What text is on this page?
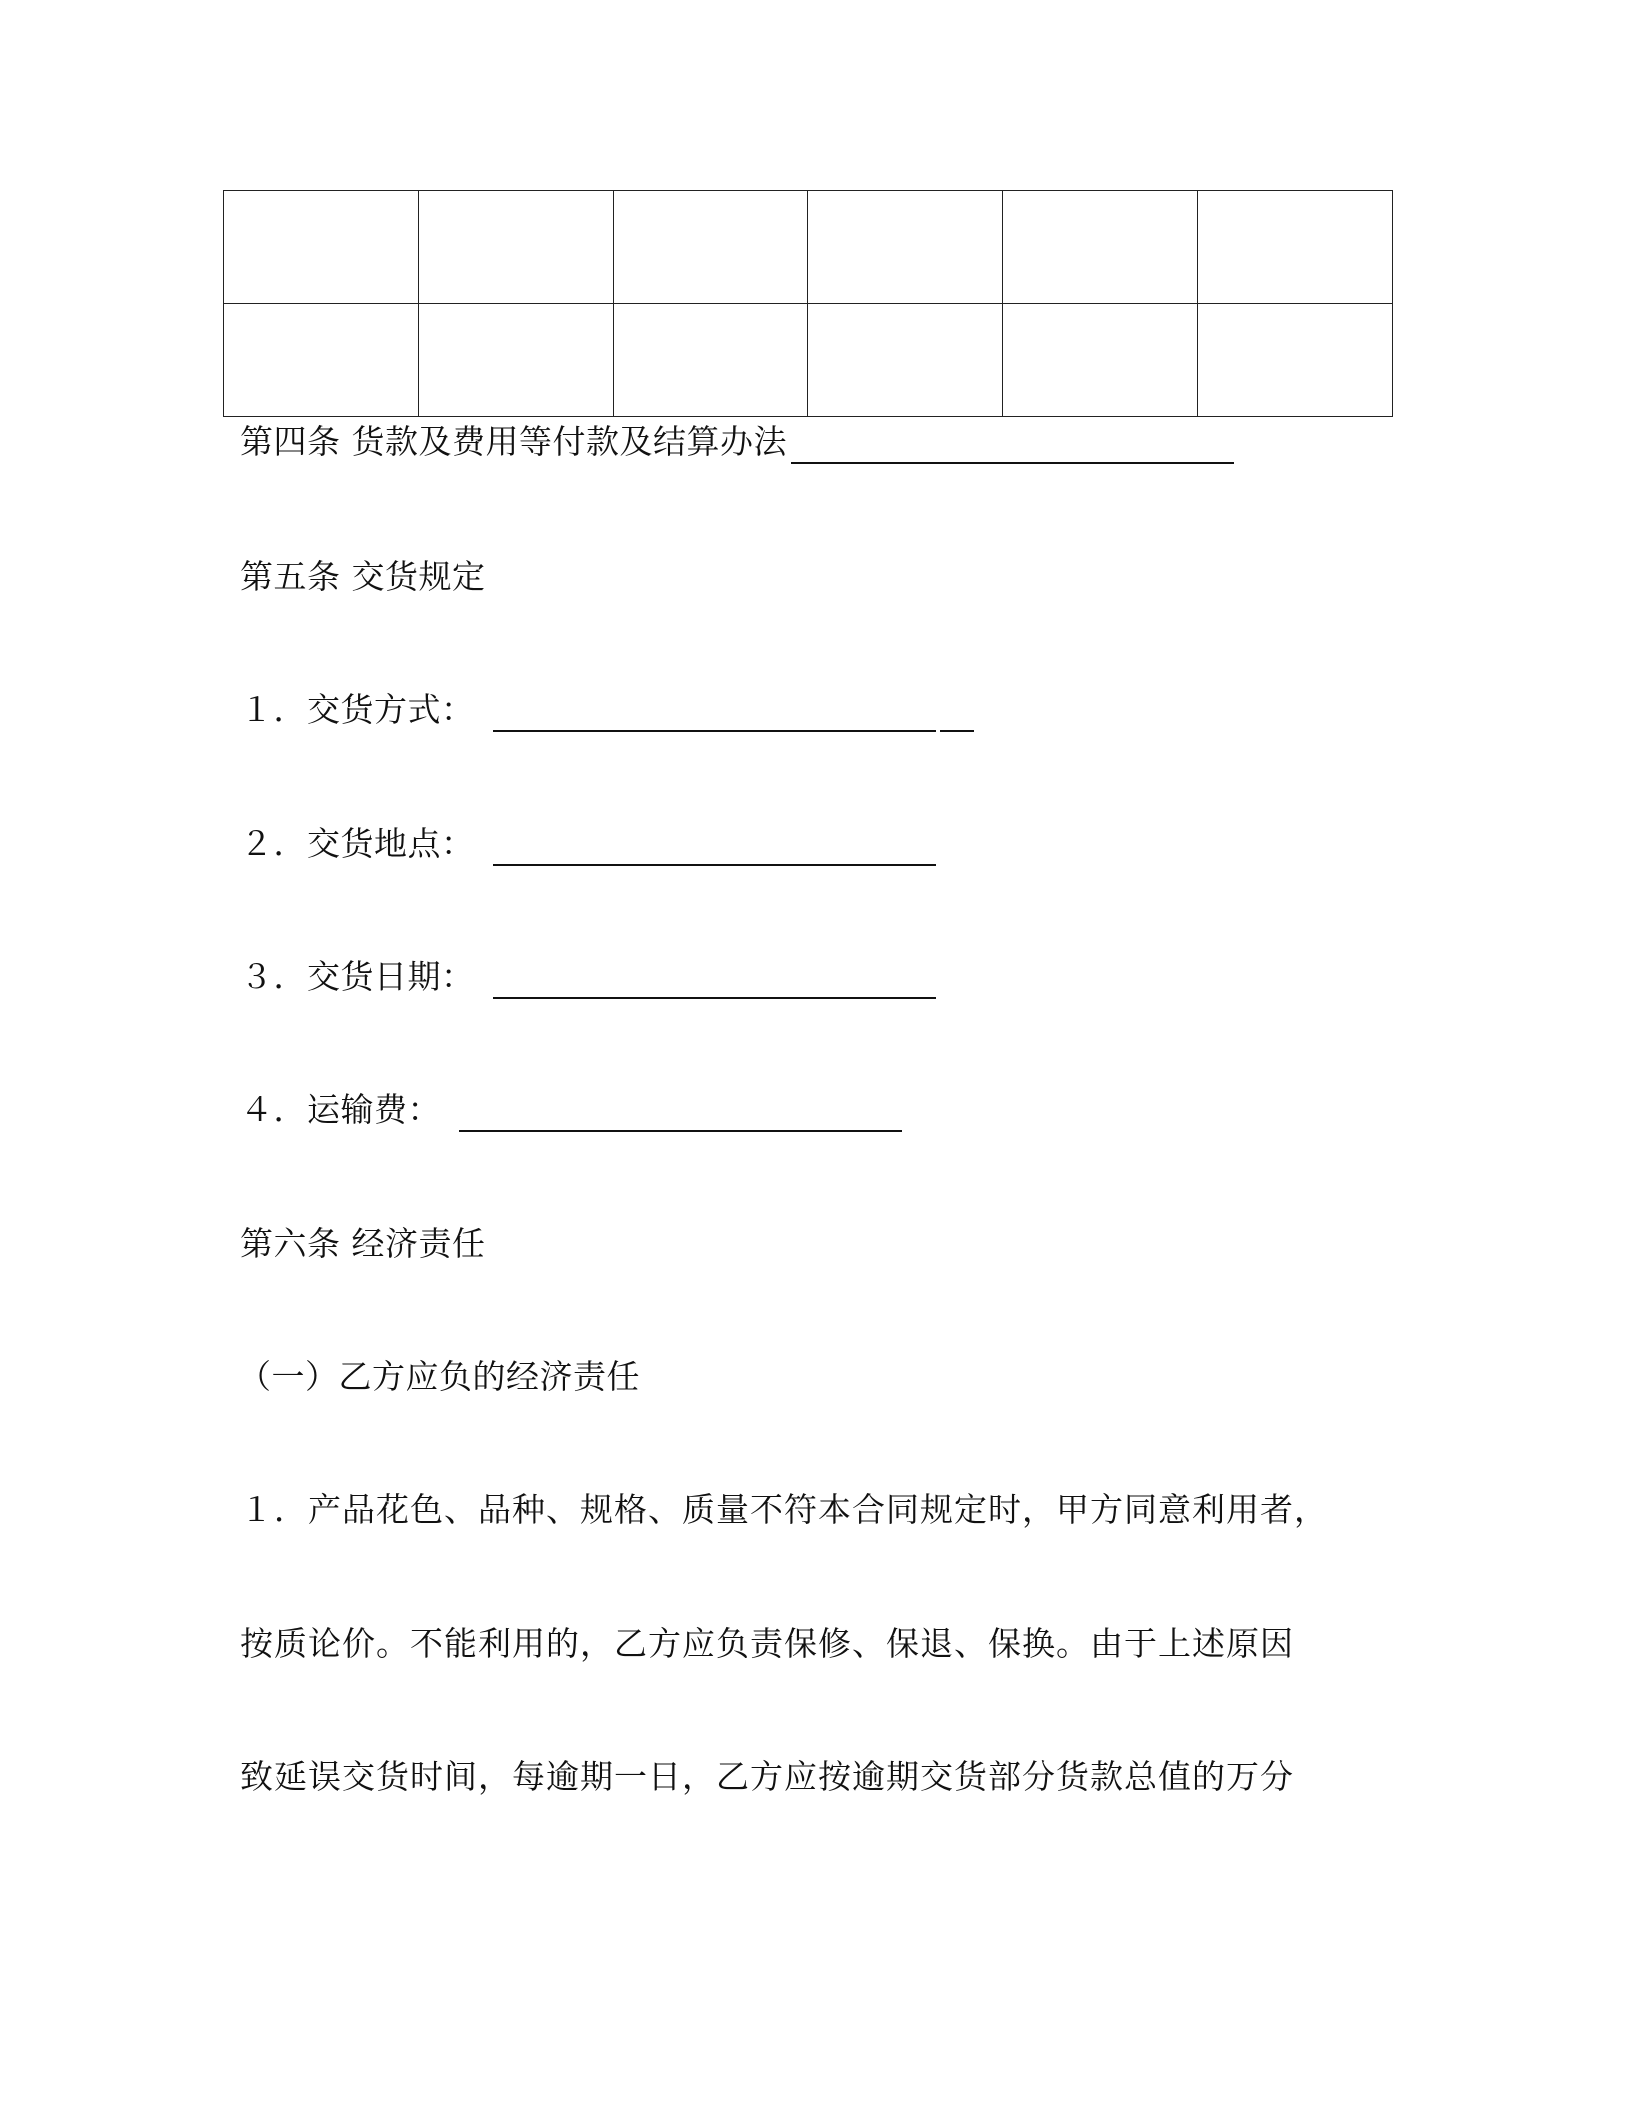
第四条 货款及费用等付款及结算办法
第五条 交货规定
１．交货方式：
２．交货地点：
３．交货日期：
４．运输费：
第六条 经济责任
（一）乙方应负的经济责任
１．产品花色、品种、规格、质量不符本合同规定时，甲方同意利用者，
按质论价。不能利用的，乙方应负责保修、保退、保换。由于上述原因
致延误交货时间，每逾期一日，乙方应按逾期交货部分货款总值的万分
